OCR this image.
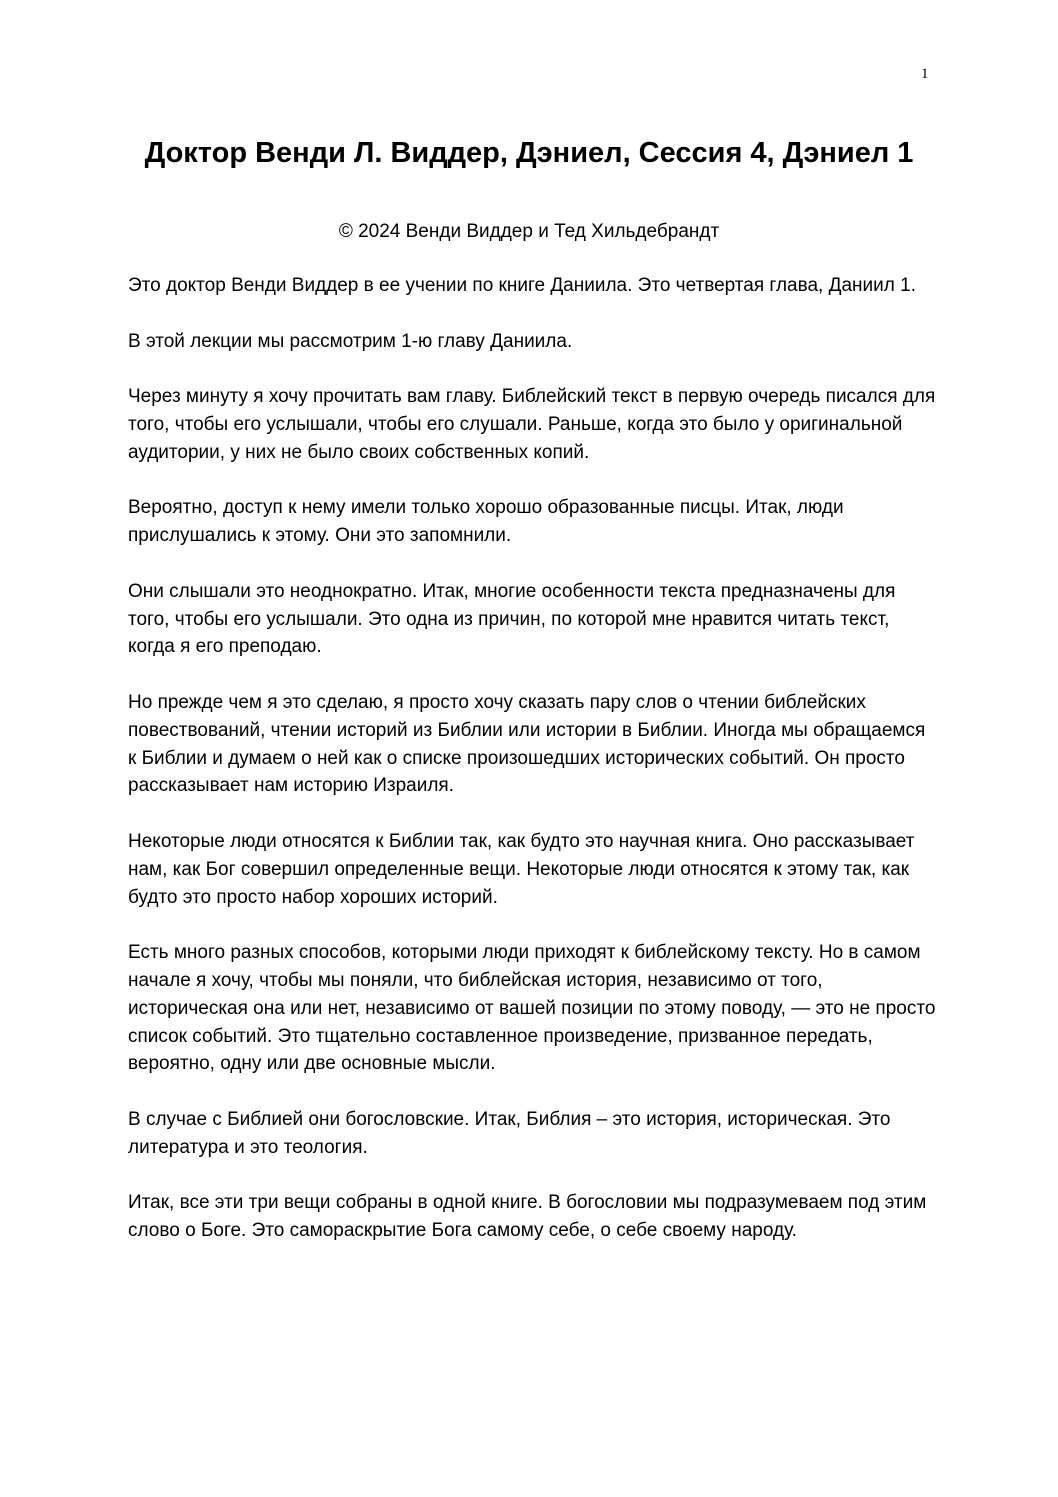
1
Доктор Венди Л. Виддер, Дэниел, Сессия 4, Дэниел 1
© 2024 Венди Виддер и Тед Хильдебрандт

Это доктор Венди Виддер в ее учении по книге Даниила. Это четвертая глава, Даниил 1.

В этой лекции мы рассмотрим 1-ю главу Даниила.

Через минуту я хочу прочитать вам главу. Библейский текст в первую очередь писался для того, чтобы его услышали, чтобы его слушали. Раньше, когда это было у оригинальной аудитории, у них не было своих собственных копий.

Вероятно, доступ к нему имели только хорошо образованные писцы. Итак, люди прислушались к этому. Они это запомнили.

Они слышали это неоднократно. Итак, многие особенности текста предназначены для того, чтобы его услышали. Это одна из причин, по которой мне нравится читать текст, когда я его преподаю.

Но прежде чем я это сделаю, я просто хочу сказать пару слов о чтении библейских повествований, чтении историй из Библии или истории в Библии. Иногда мы обращаемся к Библии и думаем о ней как о списке произошедших исторических событий. Он просто рассказывает нам историю Израиля.

Некоторые люди относятся к Библии так, как будто это научная книга. Оно рассказывает нам, как Бог совершил определенные вещи. Некоторые люди относятся к этому так, как будто это просто набор хороших историй.

Есть много разных способов, которыми люди приходят к библейскому тексту. Но в самом начале я хочу, чтобы мы поняли, что библейская история, независимо от того, историческая она или нет, независимо от вашей позиции по этому поводу, — это не просто список событий. Это тщательно составленное произведение, призванное передать, вероятно, одну или две основные мысли.

В случае с Библией они богословские. Итак, Библия – это история, историческая. Это литература и это теология.

Итак, все эти три вещи собраны в одной книге. В богословии мы подразумеваем под этим слово о Боге. Это самораскрытие Бога самому себе, о себе своему народу.
